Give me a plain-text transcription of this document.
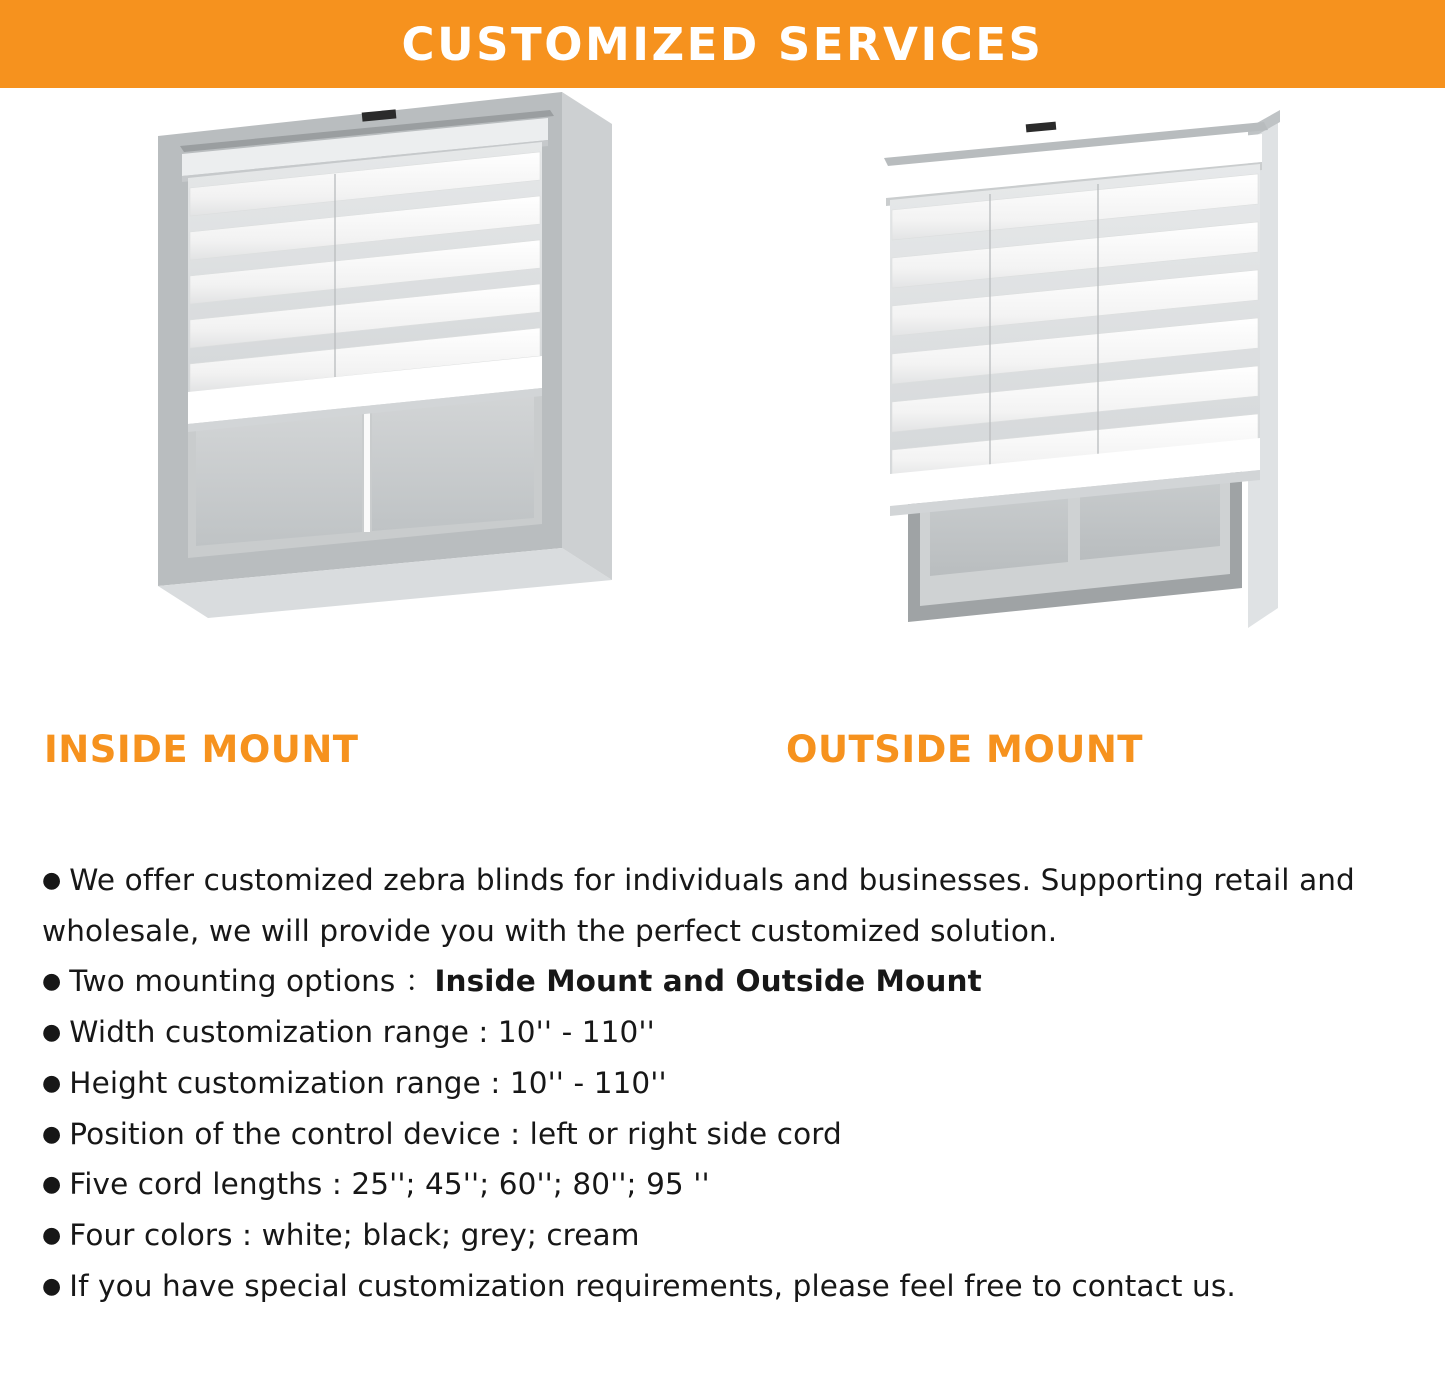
CUSTOMIZED SERVICES
INSIDE MOUNT	OUTSIDE MOUNT
● We offer customized zebra blinds for individuals and businesses. Supporting retail and wholesale, we will provide you with the perfect customized solution.
● Two mounting options ：Inside Mount and Outside Mount
● Width customization range : 10'' - 110''
● Height customization range : 10'' - 110''
● Position of the control device : left or right side cord
● Five cord lengths : 25''; 45''; 60''; 80''; 95 ''
● Four colors : white; black; grey; cream
● If you have special customization requirements, please feel free to contact us.
